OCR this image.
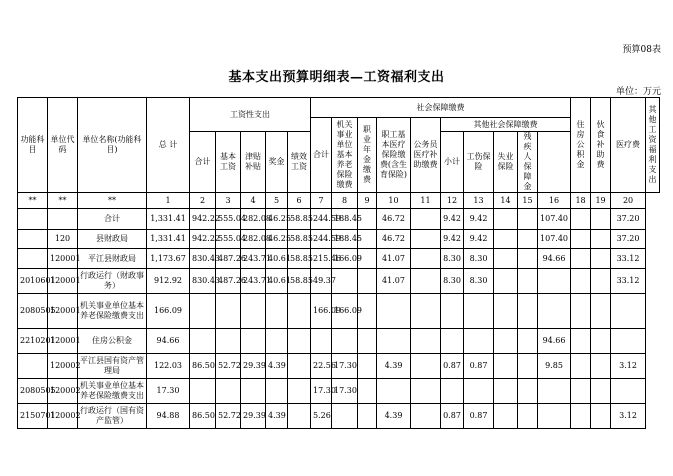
预算08表
基本支出预算明细表—工资福利支出
单位：万元
功能科目	单位代码	单位名称(功能科目)	总 计	工资性支出					社会保障缴费										住房公积金	伙食补助费	医疗费	其他工资福利支出
									合计	机关事业单位基本养老保险缴费	职业年金缴费	职工基本医疗保险缴费(含生育保险)	公务员医疗补助缴费	其他社会保障缴费								
				合计	基本工资	津贴补贴	奖金	绩效工资						小计	工伤保险	失业保险	残疾人保障金					
**	**	**	1	2	3	4	5	6	7	8	9	10	11	12	13	14	15	16	18	19	20	
		合计	1,331.41	942.22	555.04	282.08	46.25	58.85	244.59	188.45		46.72		9.42	9.42			107.40			37.20	
	120	县财政局	1,331.41	942.22	555.04	282.08	46.25	58.85	244.59	188.45		46.72		9.42	9.42			107.40			37.20	
	120001	平江县财政局	1,173.67	830.43	487.26	243.71	40.61	58.85	215.46	166.09		41.07		8.30	8.30			94.66			33.12	
2010601	120001	行政运行（财政事务）	912.92	830.43	487.26	243.71	40.61	58.85	49.37			41.07		8.30	8.30						33.12	
2080505	120001	机关事业单位基本养老保险缴费支出	166.09						166.09	166.09												
2210201	120001	住房公积金	94.66															94.66				
	120002	平江县国有资产管理局	122.03	86.50	52.72	29.39	4.39		22.56	17.30		4.39		0.87	0.87			9.85			3.12	
2080505	120002	机关事业单位基本养老保险缴费支出	17.30						17.30	17.30												
2150701	120002	行政运行（国有资产监管）	94.88	86.50	52.72	29.39	4.39		5.26			4.39		0.87	0.87						3.12	
